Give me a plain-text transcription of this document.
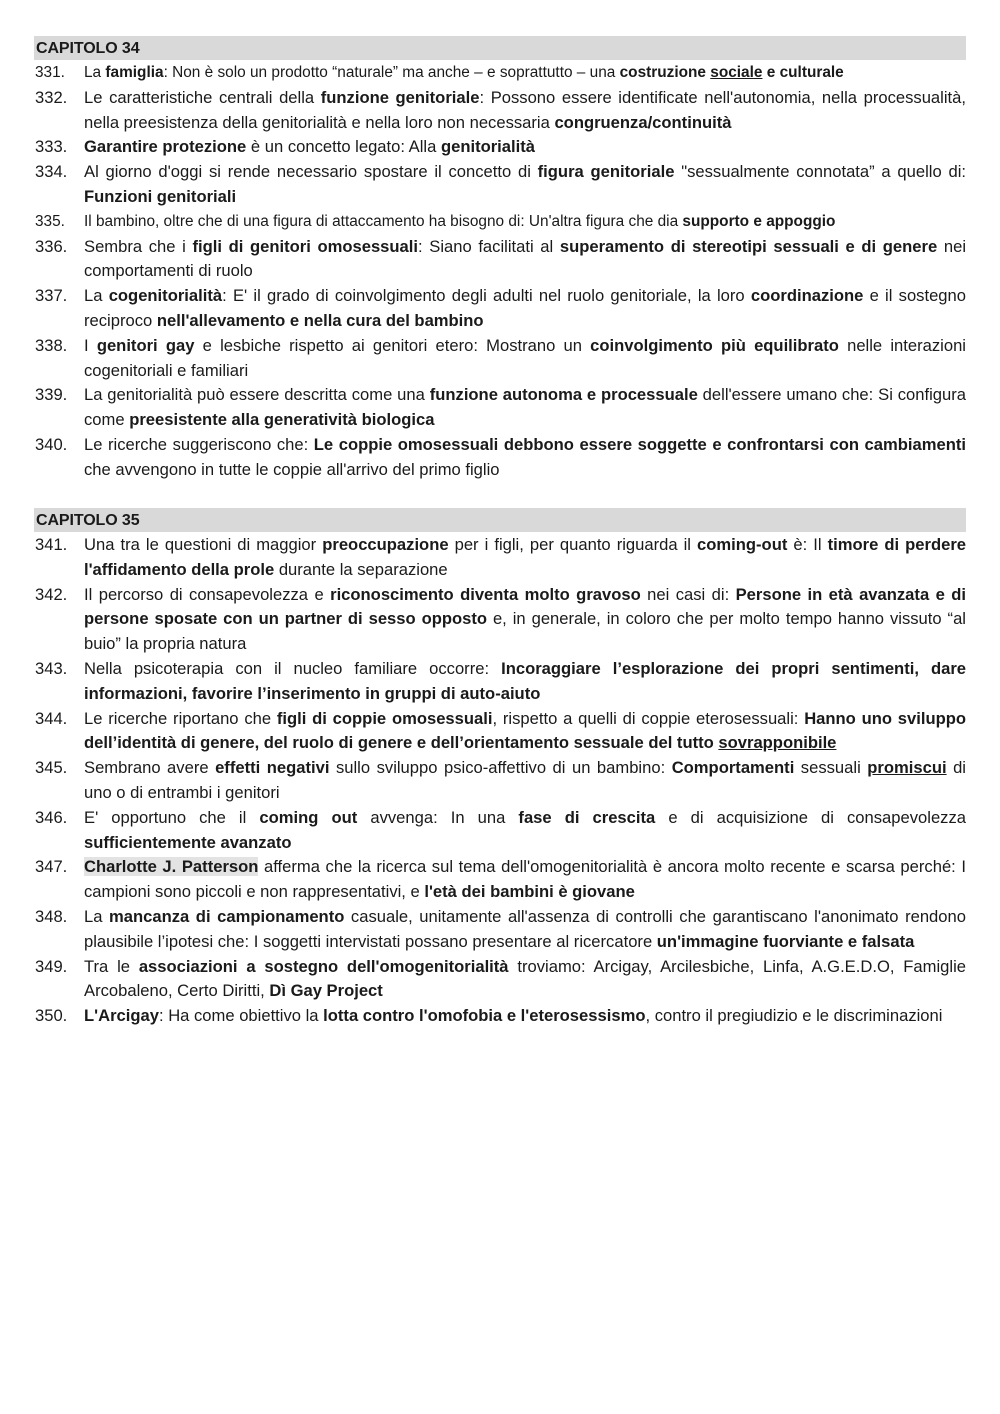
CAPITOLO 34
331.	La famiglia: Non è solo un prodotto “naturale” ma anche – e soprattutto – una costruzione sociale e culturale
332.	Le caratteristiche centrali della funzione genitoriale: Possono essere identificate nell'autonomia, nella processualità, nella preesistenza della genitorialità e nella loro non necessaria congruenza/continuità
333.	Garantire protezione è un concetto legato: Alla genitorialità
334.	Al giorno d'oggi si rende necessario spostare il concetto di figura genitoriale "sessualmente connotata” a quello di: Funzioni genitoriali
335.	Il bambino, oltre che di una figura di attaccamento ha bisogno di: Un'altra figura che dia supporto e appoggio
336.	Sembra che i figli di genitori omosessuali: Siano facilitati al superamento di stereotipi sessuali e di genere nei comportamenti di ruolo
337.	La cogenitorialità: E' il grado di coinvolgimento degli adulti nel ruolo genitoriale, la loro coordinazione e il sostegno reciproco nell'allevamento e nella cura del bambino
338.	I genitori gay e lesbiche rispetto ai genitori etero: Mostrano un coinvolgimento più equilibrato nelle interazioni cogenitoriali e familiari
339.	La genitorialità può essere descritta come una funzione autonoma e processuale dell'essere umano che: Si configura come preesistente alla generatività biologica
340.	Le ricerche suggeriscono che: Le coppie omosessuali debbono essere soggette e confrontarsi con cambiamenti che avvengono in tutte le coppie all'arrivo del primo figlio
CAPITOLO 35
341.	Una tra le questioni di maggior preoccupazione per i figli, per quanto riguarda il coming-out è: Il timore di perdere l'affidamento della prole durante la separazione
342.	Il percorso di consapevolezza e riconoscimento diventa molto gravoso nei casi di: Persone in età avanzata e di persone sposate con un partner di sesso opposto e, in generale, in coloro che per molto tempo hanno vissuto “al buio” la propria natura
343.	Nella psicoterapia con il nucleo familiare occorre: Incoraggiare l’esplorazione dei propri sentimenti, dare informazioni, favorire l’inserimento in gruppi di auto-aiuto
344.	Le ricerche riportano che figli di coppie omosessuali, rispetto a quelli di coppie eterosessuali: Hanno uno sviluppo dell’identità di genere, del ruolo di genere e dell’orientamento sessuale del tutto sovrapponibile
345.	Sembrano avere effetti negativi sullo sviluppo psico-affettivo di un bambino: Comportamenti sessuali promiscui di uno o di entrambi i genitori
346.	E' opportuno che il coming out avvenga: In una fase di crescita e di acquisizione di consapevolezza sufficientemente avanzato
347.	Charlotte J. Patterson afferma che la ricerca sul tema dell'omogenitorialità è ancora molto recente e scarsa perché: I campioni sono piccoli e non rappresentativi, e l'età dei bambini è giovane
348.	La mancanza di campionamento casuale, unitamente all'assenza di controlli che garantiscano l'anonimato rendono plausibile l’ipotesi che: I soggetti intervistati possano presentare al ricercatore un'immagine fuorviante e falsata
349.	Tra le associazioni a sostegno dell'omogenitorialità troviamo: Arcigay, Arcilesbiche, Linfa, A.G.E.D.O, Famiglie Arcobaleno, Certo Diritti, Dì Gay Project
350.	L'Arcigay: Ha come obiettivo la lotta contro l'omofobia e l'eterosessismo, contro il pregiudizio e le discriminazioni
